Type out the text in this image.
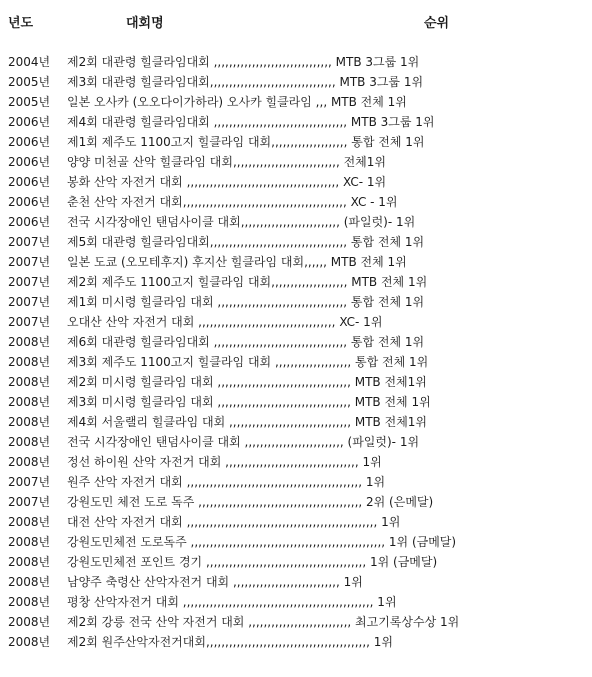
년도	대회명	순위
2004년 제2회 대관령 힐클라임대회 ,,,,,,,,,,,,,,,,,,,,,,,,,,,,,,, MTB 3그룹 1위
2005년 제3회 대관령 힐클라임대회,,,,,,,,,,,,,,,,,,,,,,,,,,,,,,,,, MTB 3그룹 1위
2005년 일본 오사카 (오오다이가하라) 오사카 힐클라임 ,,, MTB 전체 1위
2006년 제4회 대관령 힐클라임대회 ,,,,,,,,,,,,,,,,,,,,,,,,,,,,,,,,,,, MTB 3그룹 1위
2006년 제1회 제주도 1100고지 힐클라임 대회,,,,,,,,,,,,,,,,,,,, 통합 전체 1위
2006년 양양 미천골 산악 힐클라임 대회,,,,,,,,,,,,,,,,,,,,,,,,,,,, 전체1위
2006년 봉화 산악 자전거 대회 ,,,,,,,,,,,,,,,,,,,,,,,,,,,,,,,,,,,,,,,, XC- 1위
2006년 춘천 산악 자전거 대회,,,,,,,,,,,,,,,,,,,,,,,,,,,,,,,,,,,,,,,,,,, XC - 1위
2006년 전국 시각장애인 탠덤사이클 대회,,,,,,,,,,,,,,,,,,,,,,,,,, (파일럿)- 1위
2007년 제5회 대관령 힐클라임대회,,,,,,,,,,,,,,,,,,,,,,,,,,,,,,,,,,,, 통합 전체 1위
2007년 일본 도쿄 (오모테후지) 후지산 힐클라임 대회,,,,,, MTB 전체 1위
2007년 제2회 제주도 1100고지 힐클라임 대회,,,,,,,,,,,,,,,,,,,, MTB 전체 1위
2007년 제1회 미시령 힐클라임 대회 ,,,,,,,,,,,,,,,,,,,,,,,,,,,,,,,,,, 통합 전체 1위
2007년 오대산 산악 자전거 대회 ,,,,,,,,,,,,,,,,,,,,,,,,,,,,,,,,,,,, XC- 1위
2008년 제6회 대관령 힐클라임대회 ,,,,,,,,,,,,,,,,,,,,,,,,,,,,,,,,,,, 통합 전체 1위
2008년 제3회 제주도 1100고지 힐클라임 대회 ,,,,,,,,,,,,,,,,,,,, 통합 전체 1위
2008년 제2회 미시령 힐클라임 대회 ,,,,,,,,,,,,,,,,,,,,,,,,,,,,,,,,,,, MTB 전체1위
2008년 제3회 미시령 힐클라임 대회 ,,,,,,,,,,,,,,,,,,,,,,,,,,,,,,,,,,, MTB 전체 1위
2008년 제4회 서울랠리 힐클라임 대회 ,,,,,,,,,,,,,,,,,,,,,,,,,,,,,,,, MTB 전체1위
2008년 전국 시각장애인 탠덤사이클 대회 ,,,,,,,,,,,,,,,,,,,,,,,,,, (파일럿)- 1위
2008년 정선 하이원 산악 자전거 대회 ,,,,,,,,,,,,,,,,,,,,,,,,,,,,,,,,,,, 1위
2007년 원주 산악 자전거 대회 ,,,,,,,,,,,,,,,,,,,,,,,,,,,,,,,,,,,,,,,,,,,,,, 1위
2007년 강원도민 체전 도로 독주 ,,,,,,,,,,,,,,,,,,,,,,,,,,,,,,,,,,,,,,,,,,, 2위 (은메달)
2008년 대전 산악 자전거 대회 ,,,,,,,,,,,,,,,,,,,,,,,,,,,,,,,,,,,,,,,,,,,,,,,,,, 1위
2008년 강원도민체전 도로독주 ,,,,,,,,,,,,,,,,,,,,,,,,,,,,,,,,,,,,,,,,,,,,,,,,,,, 1위 (금메달)
2008년 강원도민체전 포인트 경기 ,,,,,,,,,,,,,,,,,,,,,,,,,,,,,,,,,,,,,,,,,, 1위 (금메달)
2008년 남양주 축령산 산악자전거 대회 ,,,,,,,,,,,,,,,,,,,,,,,,,,,, 1위
2008년 평창 산악자전거 대회 ,,,,,,,,,,,,,,,,,,,,,,,,,,,,,,,,,,,,,,,,,,,,,,,,,, 1위
2008년 제2회 강릉 전국 산악 자전거 대회 ,,,,,,,,,,,,,,,,,,,,,,,,,,, 최고기록상수상 1위
2008년 제2회 원주산악자전거대회,,,,,,,,,,,,,,,,,,,,,,,,,,,,,,,,,,,,,,,,,,, 1위
